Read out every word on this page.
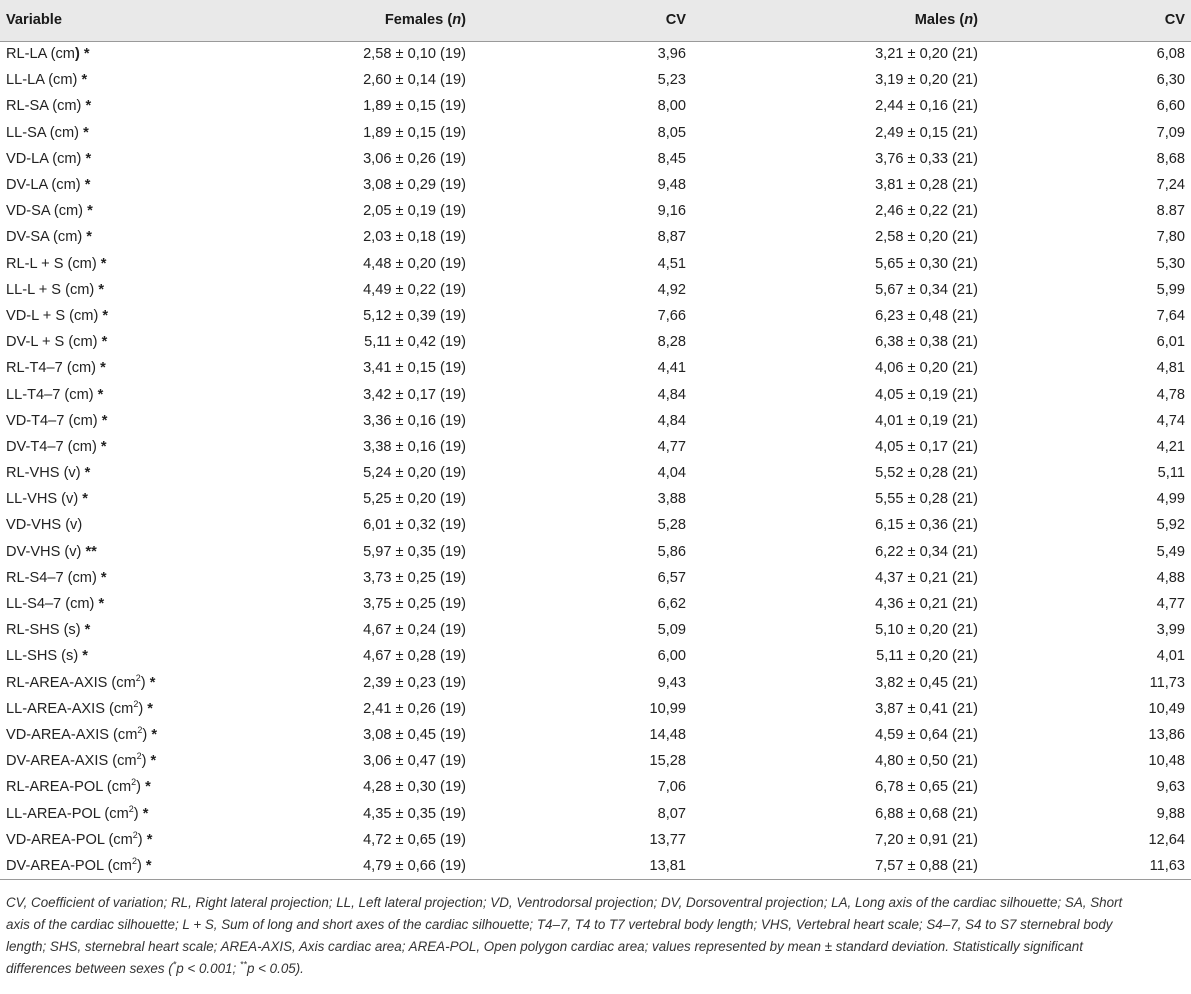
Variable	Females (n)	CV	Males (n)	CV
RL-LA (cm) *	2,58 ± 0,10 (19)	3,96	3,21 ± 0,20 (21)	6,08
LL-LA (cm) *	2,60 ± 0,14 (19)	5,23	3,19 ± 0,20 (21)	6,30
RL-SA (cm) *	1,89 ± 0,15 (19)	8,00	2,44 ± 0,16 (21)	6,60
LL-SA (cm) *	1,89 ± 0,15 (19)	8,05	2,49 ± 0,15 (21)	7,09
VD-LA (cm) *	3,06 ± 0,26 (19)	8,45	3,76 ± 0,33 (21)	8,68
DV-LA (cm) *	3,08 ± 0,29 (19)	9,48	3,81 ± 0,28 (21)	7,24
VD-SA (cm) *	2,05 ± 0,19 (19)	9,16	2,46 ± 0,22 (21)	8.87
DV-SA (cm) *	2,03 ± 0,18 (19)	8,87	2,58 ± 0,20 (21)	7,80
RL-L + S (cm) *	4,48 ± 0,20 (19)	4,51	5,65 ± 0,30 (21)	5,30
LL-L + S (cm) *	4,49 ± 0,22 (19)	4,92	5,67 ± 0,34 (21)	5,99
VD-L + S (cm) *	5,12 ± 0,39 (19)	7,66	6,23 ± 0,48 (21)	7,64
DV-L + S (cm) *	5,11 ± 0,42 (19)	8,28	6,38 ± 0,38 (21)	6,01
RL-T4–7 (cm) *	3,41 ± 0,15 (19)	4,41	4,06 ± 0,20 (21)	4,81
LL-T4–7 (cm) *	3,42 ± 0,17 (19)	4,84	4,05 ± 0,19 (21)	4,78
VD-T4–7 (cm) *	3,36 ± 0,16 (19)	4,84	4,01 ± 0,19 (21)	4,74
DV-T4–7 (cm) *	3,38 ± 0,16 (19)	4,77	4,05 ± 0,17 (21)	4,21
RL-VHS (v) *	5,24 ± 0,20 (19)	4,04	5,52 ± 0,28 (21)	5,11
LL-VHS (v) *	5,25 ± 0,20 (19)	3,88	5,55 ± 0,28 (21)	4,99
VD-VHS (v)	6,01 ± 0,32 (19)	5,28	6,15 ± 0,36 (21)	5,92
DV-VHS (v) **	5,97 ± 0,35 (19)	5,86	6,22 ± 0,34 (21)	5,49
RL-S4–7 (cm) *	3,73 ± 0,25 (19)	6,57	4,37 ± 0,21 (21)	4,88
LL-S4–7 (cm) *	3,75 ± 0,25 (19)	6,62	4,36 ± 0,21 (21)	4,77
RL-SHS (s) *	4,67 ± 0,24 (19)	5,09	5,10 ± 0,20 (21)	3,99
LL-SHS (s) *	4,67 ± 0,28 (19)	6,00	5,11 ± 0,20 (21)	4,01
RL-AREA-AXIS $(cm^2)$ *	2,39 ± 0,23 (19)	9,43	3,82 ± 0,45 (21)	11,73
LL-AREA-AXIS $(cm^2)$ *	2,41 ± 0,26 (19)	10,99	3,87 ± 0,41 (21)	10,49
VD-AREA-AXIS $(cm^2)$ *	3,08 ± 0,45 (19)	14,48	4,59 ± 0,64 (21)	13,86
DV-AREA-AXIS $(cm^2)$ *	3,06 ± 0,47 (19)	15,28	4,80 ± 0,50 (21)	10,48
RL-AREA-POL $(cm^2)$ *	4,28 ± 0,30 (19)	7,06	6,78 ± 0,65 (21)	9,63
LL-AREA-POL $(cm^2)$ *	4,35 ± 0,35 (19)	8,07	6,88 ± 0,68 (21)	9,88
VD-AREA-POL $(cm^2)$ *	4,72 ± 0,65 (19)	13,77	7,20 ± 0,91 (21)	12,64
DV-AREA-POL $(cm^2)$ *	4,79 ± 0,66 (19)	13,81	7,57 ± 0,88 (21)	11,63
CV, Coefficient of variation; RL, Right lateral projection; LL, Left lateral projection; VD, Ventrodorsal projection; DV, Dorsoventral projection; LA, Long axis of the cardiac silhouette; SA, Short axis of the cardiac silhouette; L + S, Sum of long and short axes of the cardiac silhouette; T4–7, T4 to T7 vertebral body length; VHS, Vertebral heart scale; S4–7, S4 to S7 sternebral body length; SHS, sternebral heart scale; AREA-AXIS, Axis cardiac area; AREA-POL, Open polygon cardiac area; values represented by mean ± standard deviation. Statistically significant differences between sexes (*p < 0.001; **p < 0.05).
